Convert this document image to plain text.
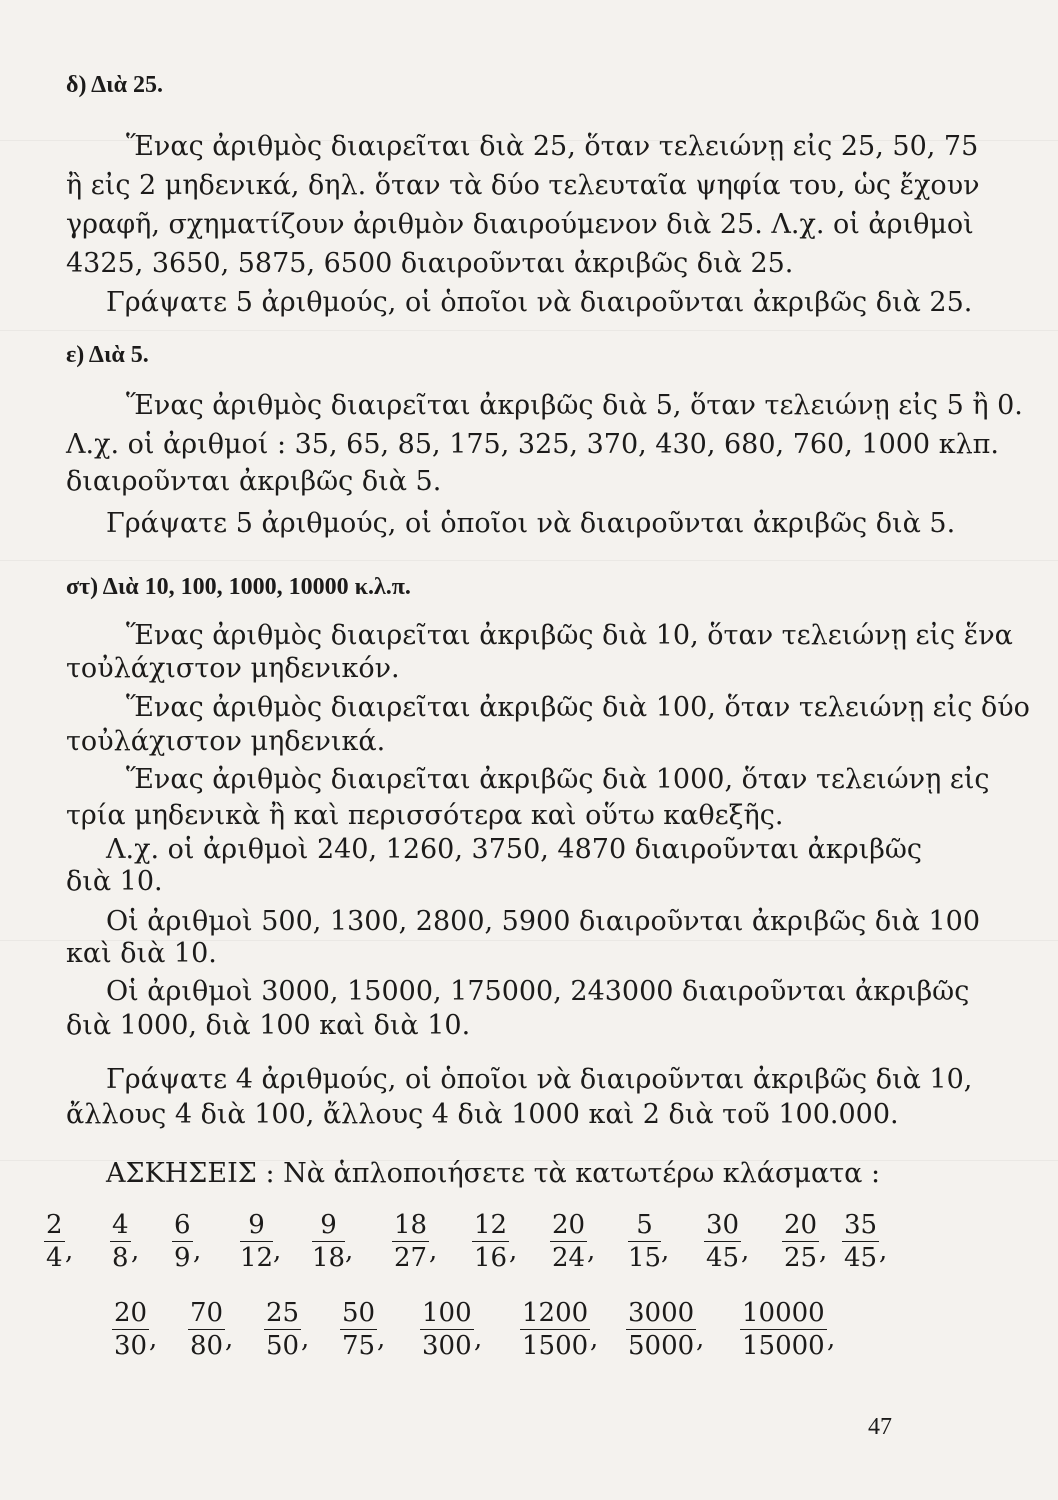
δ) Διὰ 25.
Ἕνας ἀριθμὸς διαιρεῖται διὰ 25, ὅταν τελειώνῃ εἰς 25, 50, 75
ἢ εἰς 2 μηδενικά, δηλ. ὅταν τὰ δύο τελευταῖα ψηφία του, ὡς ἔχουν
γραφῆ, σχηματίζουν ἀριθμὸν διαιρούμενον διὰ 25. Λ.χ. οἱ ἀριθμοὶ
4325, 3650, 5875, 6500 διαιροῦνται ἀκριβῶς διὰ 25.
Γράψατε 5 ἀριθμούς, οἱ ὁποῖοι νὰ διαιροῦνται ἀκριβῶς διὰ 25.
ε) Διὰ 5.
Ἕνας ἀριθμὸς διαιρεῖται ἀκριβῶς διὰ 5, ὅταν τελειώνῃ εἰς 5 ἢ 0.
Λ.χ. οἱ ἀριθμοί : 35, 65, 85, 175, 325, 370, 430, 680, 760, 1000 κλπ.
διαιροῦνται ἀκριβῶς διὰ 5.
Γράψατε 5 ἀριθμούς, οἱ ὁποῖοι νὰ διαιροῦνται ἀκριβῶς διὰ 5.
στ) Διὰ 10, 100, 1000, 10000 κ.λ.π.
Ἕνας ἀριθμὸς διαιρεῖται ἀκριβῶς διὰ 10, ὅταν τελειώνῃ εἰς ἕνα
τοὐλάχιστον μηδενικόν.
Ἕνας ἀριθμὸς διαιρεῖται ἀκριβῶς διὰ 100, ὅταν τελειώνῃ εἰς δύο
τοὐλάχιστον μηδενικά.
Ἕνας ἀριθμὸς διαιρεῖται ἀκριβῶς διὰ 1000, ὅταν τελειώνῃ εἰς
τρία μηδενικὰ ἢ καὶ περισσότερα καὶ οὕτω καθεξῆς.
Λ.χ. οἱ ἀριθμοὶ 240, 1260, 3750, 4870 διαιροῦνται ἀκριβῶς
διὰ 10.
Οἱ ἀριθμοὶ 500, 1300, 2800, 5900 διαιροῦνται ἀκριβῶς διὰ 100
καὶ διὰ 10.
Οἱ ἀριθμοὶ 3000, 15000, 175000, 243000 διαιροῦνται ἀκριβῶς
διὰ 1000, διὰ 100 καὶ διὰ 10.
Γράψατε 4 ἀριθμούς, οἱ ὁποῖοι νὰ διαιροῦνται ἀκριβῶς διὰ 10,
ἄλλους 4 διὰ 100, ἄλλους 4 διὰ 1000 καὶ 2 διὰ τοῦ 100.000.
ΑΣΚΗΣΕΙΣ : Νὰ ἁπλοποιήσετε τὰ κατωτέρω κλάσματα :
2
4 ,
4
8 ,
6
9 ,
9
12 ,
9
18 ,
18
27 ,
12
16 ,
20
24 ,
5
15 ,
30
45 ,
20
25 ,
35
45 ,
20
30 ,
70
80 ,
25
50 ,
50
75 ,
100
300 ,
1200
1500 ,
3000
5000 ,
10000
15000 ,
47
